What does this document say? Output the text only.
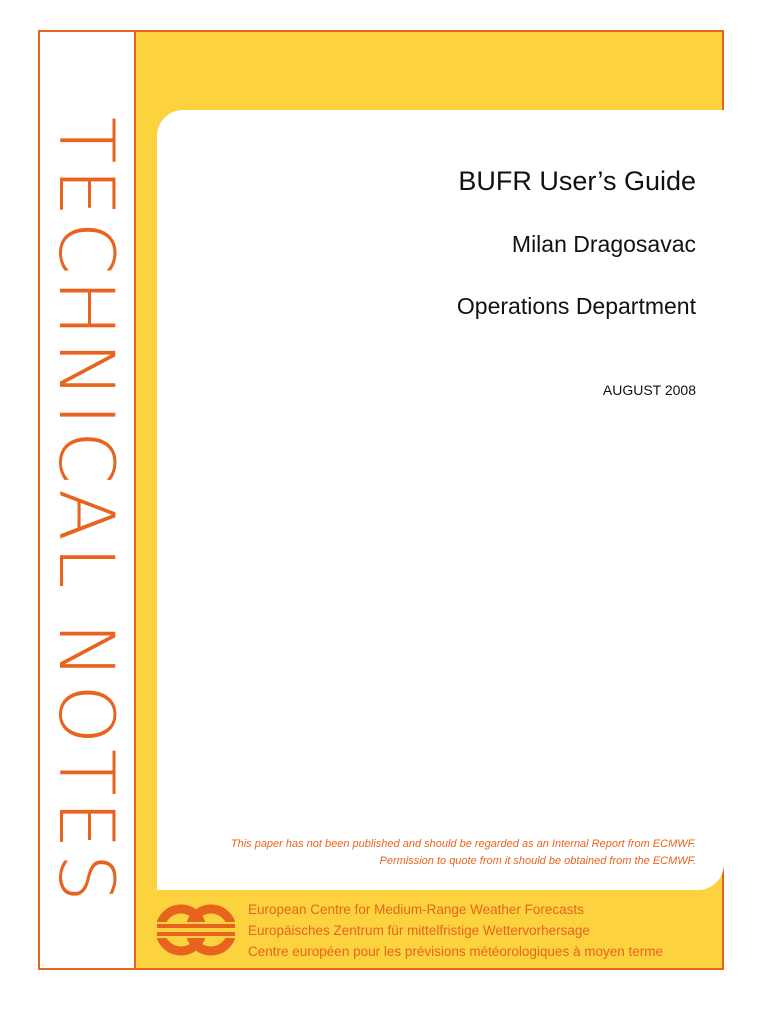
TECHNICAL NOTES	BUFR User’s Guide
Milan Dragosavac
Operations Department
AUGUST 2008
This paper has not been published and should be regarded as an Internal Report from ECMWF.
Permission to quote from it should be obtained from the ECMWF.
European Centre for Medium-Range Weather Forecasts
Europäisches Zentrum für mittelfristige Wettervorhersage
Centre européen pour les prévisions météorologiques à moyen terme
